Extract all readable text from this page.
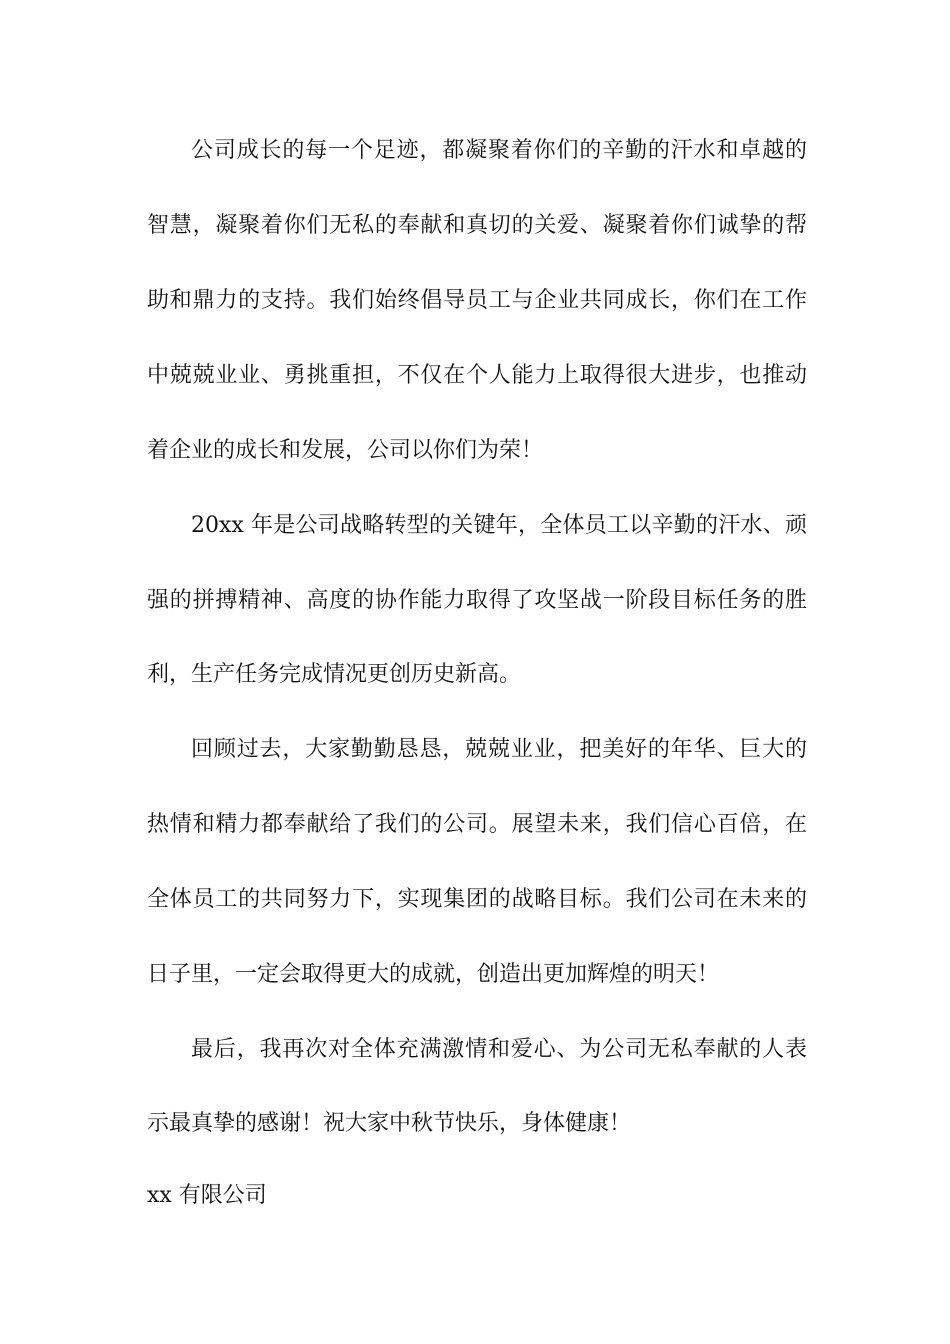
公司成长的每一个足迹，都凝聚着你们的辛勤的汗水和卓越的
智慧，凝聚着你们无私的奉献和真切的关爱、凝聚着你们诚挚的帮
助和鼎力的支持。我们始终倡导员工与企业共同成长，你们在工作
中兢兢业业、勇挑重担，不仅在个人能力上取得很大进步，也推动
着企业的成长和发展，公司以你们为荣！
20xx 年是公司战略转型的关键年，全体员工以辛勤的汗水、顽
强的拼搏精神、高度的协作能力取得了攻坚战一阶段目标任务的胜
利，生产任务完成情况更创历史新高。
回顾过去，大家勤勤恳恳，兢兢业业，把美好的年华、巨大的
热情和精力都奉献给了我们的公司。展望未来，我们信心百倍，在
全体员工的共同努力下，实现集团的战略目标。我们公司在未来的
日子里，一定会取得更大的成就，创造出更加辉煌的明天！
最后，我再次对全体充满激情和爱心、为公司无私奉献的人表
示最真挚的感谢！祝大家中秋节快乐，身体健康！
xx 有限公司
